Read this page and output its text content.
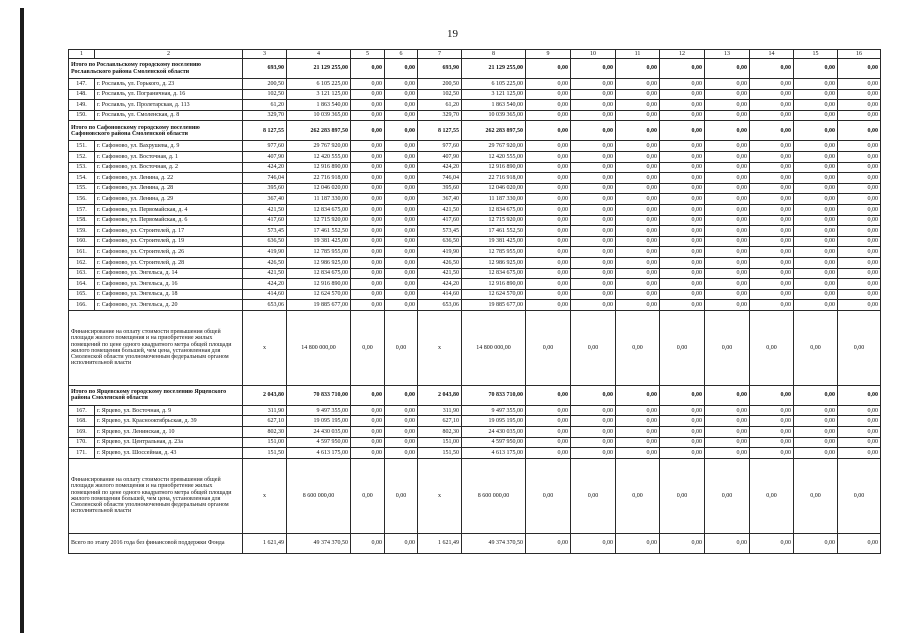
19
1	2	3	4	5	6	7	8	9	10	11	12	13	14	15	16
Итого по Рославльскому городскому поселению Рославльского района Смоленской области		693,90	21 129 255,00	0,00	0,00	693,90	21 129 255,00	0,00	0,00	0,00	0,00	0,00	0,00	0,00	0,00
147.	г. Рославль, ул. Горького, д. 23	200,50	6 105 225,00	0,00	0,00	200,50	6 105 225,00	0,00	0,00	0,00	0,00	0,00	0,00	0,00	0,00
148.	г. Рославль, ул. Пограничная, д. 16	102,50	3 121 125,00	0,00	0,00	102,50	3 121 125,00	0,00	0,00	0,00	0,00	0,00	0,00	0,00	0,00
149.	г. Рославль, ул. Пролетарская, д. 113	61,20	1 863 540,00	0,00	0,00	61,20	1 863 540,00	0,00	0,00	0,00	0,00	0,00	0,00	0,00	0,00
150.	г. Рославль, ул. Смоленская, д. 8	329,70	10 039 365,00	0,00	0,00	329,70	10 039 365,00	0,00	0,00	0,00	0,00	0,00	0,00	0,00	0,00
Итого по Сафоновскому городскому поселению Сафоновского района Смоленской области		8 127,55	262 283 897,50	0,00	0,00	8 127,55	262 283 897,50	0,00	0,00	0,00	0,00	0,00	0,00	0,00	0,00
151.	г. Сафоново, ул. Вахрушева, д. 9	977,60	29 767 920,00	0,00	0,00	977,60	29 767 920,00	0,00	0,00	0,00	0,00	0,00	0,00	0,00	0,00
152.	г. Сафоново, ул. Восточная, д. 1	407,90	12 420 555,00	0,00	0,00	407,90	12 420 555,00	0,00	0,00	0,00	0,00	0,00	0,00	0,00	0,00
153.	г. Сафоново, ул. Восточная, д. 2	424,20	12 916 890,00	0,00	0,00	424,20	12 916 890,00	0,00	0,00	0,00	0,00	0,00	0,00	0,00	0,00
154.	г. Сафоново, ул. Ленина, д. 22	746,04	22 716 918,00	0,00	0,00	746,04	22 716 918,00	0,00	0,00	0,00	0,00	0,00	0,00	0,00	0,00
155.	г. Сафоново, ул. Ленина, д. 28	395,60	12 046 020,00	0,00	0,00	395,60	12 046 020,00	0,00	0,00	0,00	0,00	0,00	0,00	0,00	0,00
156.	г. Сафоново, ул. Ленина, д. 29	367,40	11 187 330,00	0,00	0,00	367,40	11 187 330,00	0,00	0,00	0,00	0,00	0,00	0,00	0,00	0,00
157.	г. Сафоново, ул. Первомайская, д. 4	421,50	12 834 675,00	0,00	0,00	421,50	12 834 675,00	0,00	0,00	0,00	0,00	0,00	0,00	0,00	0,00
158.	г. Сафоново, ул. Первомайская, д. 6	417,60	12 715 920,00	0,00	0,00	417,60	12 715 920,00	0,00	0,00	0,00	0,00	0,00	0,00	0,00	0,00
159.	г. Сафоново, ул. Строителей, д. 17	573,45	17 461 552,50	0,00	0,00	573,45	17 461 552,50	0,00	0,00	0,00	0,00	0,00	0,00	0,00	0,00
160.	г. Сафоново, ул. Строителей, д. 19	636,50	19 381 425,00	0,00	0,00	636,50	19 381 425,00	0,00	0,00	0,00	0,00	0,00	0,00	0,00	0,00
161.	г. Сафоново, ул. Строителей, д. 26	419,90	12 785 955,00	0,00	0,00	419,90	12 785 955,00	0,00	0,00	0,00	0,00	0,00	0,00	0,00	0,00
162.	г. Сафоново, ул. Строителей, д. 28	426,50	12 986 925,00	0,00	0,00	426,50	12 986 925,00	0,00	0,00	0,00	0,00	0,00	0,00	0,00	0,00
163.	г. Сафоново, ул. Энгельса, д. 14	421,50	12 834 675,00	0,00	0,00	421,50	12 834 675,00	0,00	0,00	0,00	0,00	0,00	0,00	0,00	0,00
164.	г. Сафоново, ул. Энгельса, д. 16	424,20	12 916 890,00	0,00	0,00	424,20	12 916 890,00	0,00	0,00	0,00	0,00	0,00	0,00	0,00	0,00
165.	г. Сафоново, ул. Энгельса, д. 18	414,60	12 624 570,00	0,00	0,00	414,60	12 624 570,00	0,00	0,00	0,00	0,00	0,00	0,00	0,00	0,00
166.	г. Сафоново, ул. Энгельса, д. 20	653,06	19 885 677,00	0,00	0,00	653,06	19 885 677,00	0,00	0,00	0,00	0,00	0,00	0,00	0,00	0,00
Финансирование на оплату стоимости превышения общей площади жилого помещения и на приобретение жилых помещений по цене одного квадратного метра общей площади жилого помещения большей, чем цена, установленная для Смоленской области уполномоченным федеральным органом исполнительной власти		x	14 800 000,00	0,00	0,00	x	14 800 000,00	0,00	0,00	0,00	0,00	0,00	0,00	0,00	0,00
Итого по Ярцевскому городскому поселению Ярцевского района Смоленской области		2 043,80	70 833 710,00	0,00	0,00	2 043,80	70 833 710,00	0,00	0,00	0,00	0,00	0,00	0,00	0,00	0,00
167.	г. Ярцево, ул. Восточная, д. 9	311,90	9 497 355,00	0,00	0,00	311,90	9 497 355,00	0,00	0,00	0,00	0,00	0,00	0,00	0,00	0,00
168.	г. Ярцево, ул. Краснооктябрьская, д. 39	627,10	19 095 195,00	0,00	0,00	627,10	19 095 195,00	0,00	0,00	0,00	0,00	0,00	0,00	0,00	0,00
169.	г. Ярцево, ул. Ленинская, д. 10	802,30	24 430 035,00	0,00	0,00	802,30	24 430 035,00	0,00	0,00	0,00	0,00	0,00	0,00	0,00	0,00
170.	г. Ярцево, ул. Центральная, д. 23а	151,00	4 597 950,00	0,00	0,00	151,00	4 597 950,00	0,00	0,00	0,00	0,00	0,00	0,00	0,00	0,00
171.	г. Ярцево, ул. Шоссейная, д. 43	151,50	4 613 175,00	0,00	0,00	151,50	4 613 175,00	0,00	0,00	0,00	0,00	0,00	0,00	0,00	0,00
Финансирование на оплату стоимости превышения общей площади жилого помещения и на приобретение жилых помещений по цене одного квадратного метра общей площади жилого помещения большей, чем цена, установленная для Смоленской области уполномоченным федеральным органом исполнительной власти		x	8 600 000,00	0,00	0,00	x	8 600 000,00	0,00	0,00	0,00	0,00	0,00	0,00	0,00	0,00
Всего по этапу 2016 года без финансовой поддержки Фонда		1 621,49	49 374 370,50	0,00	0,00	1 621,49	49 374 370,50	0,00	0,00	0,00	0,00	0,00	0,00	0,00	0,00
